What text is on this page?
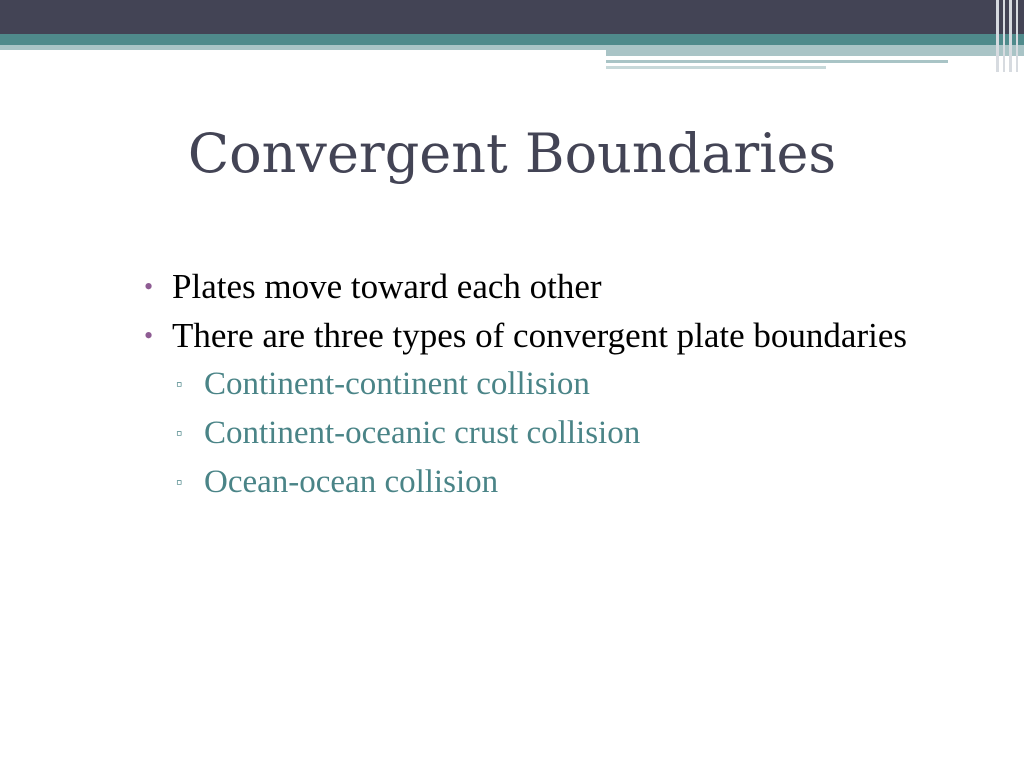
Convergent Boundaries
• Plates move toward each other
• There are three types of convergent plate boundaries
▫ Continent-continent collision
▫ Continent-oceanic crust collision
▫ Ocean-ocean collision
